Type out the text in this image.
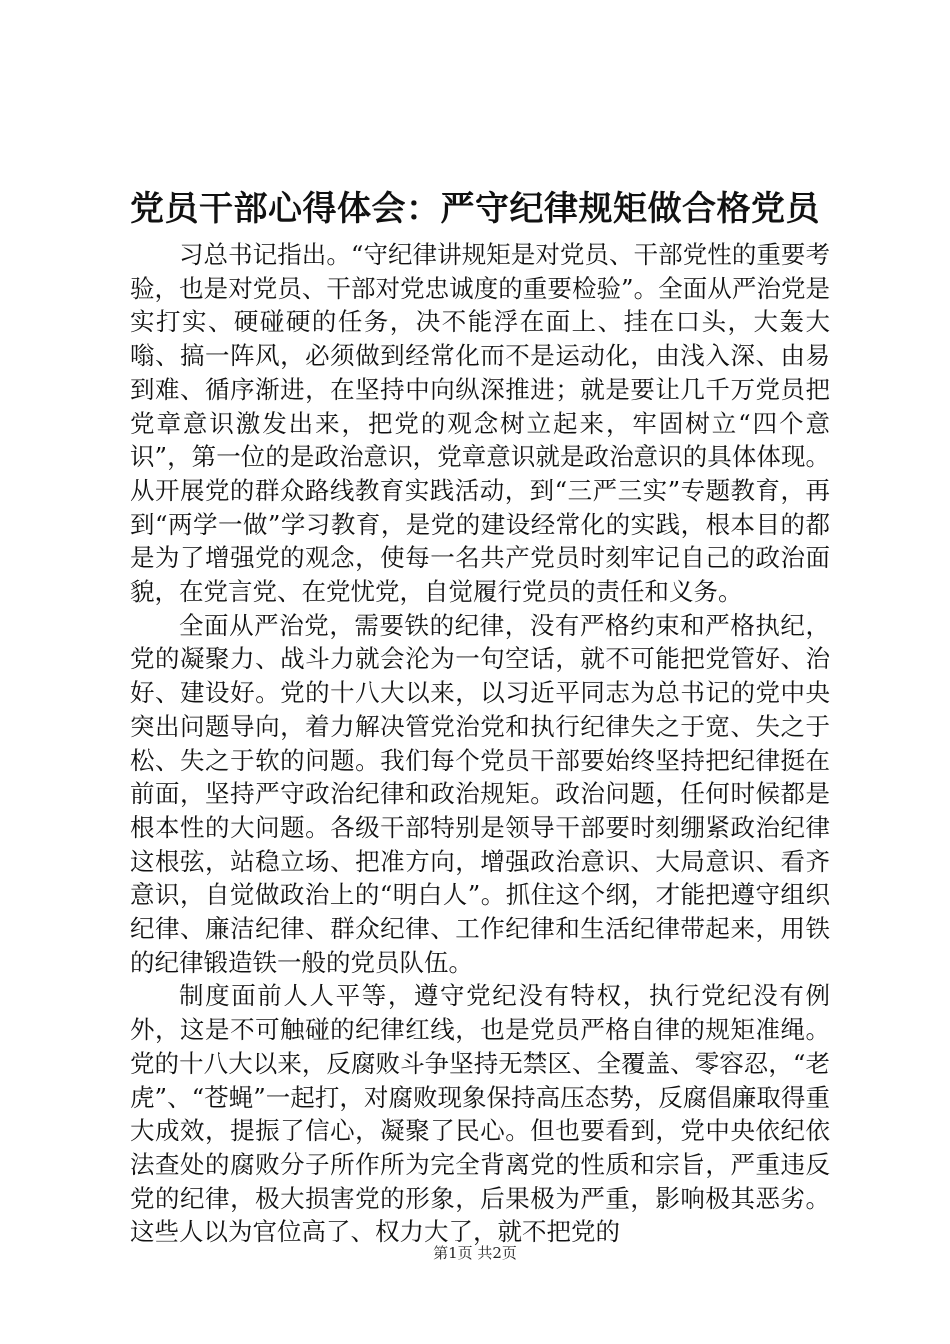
党员干部心得体会：严守纪律规矩做合格党员

习总书记指出。“守纪律讲规矩是对党员、干部党性的重要考验，也是对党员、干部对党忠诚度的重要检验”。全面从严治党是实打实、硬碰硬的任务，决不能浮在面上、挂在口头，大轰大嗡、搞一阵风，必须做到经常化而不是运动化，由浅入深、由易到难、循序渐进，在坚持中向纵深推进；就是要让几千万党员把党章意识激发出来，把党的观念树立起来，牢固树立“四个意识”，第一位的是政治意识，党章意识就是政治意识的具体体现。从开展党的群众路线教育实践活动，到“三严三实”专题教育，再到“两学一做”学习教育，是党的建设经常化的实践，根本目的都是为了增强党的观念，使每一名共产党员时刻牢记自己的政治面貌，在党言党、在党忧党，自觉履行党员的责任和义务。

全面从严治党，需要铁的纪律，没有严格约束和严格执纪，党的凝聚力、战斗力就会沦为一句空话，就不可能把党管好、治好、建设好。党的十八大以来，以习近平同志为总书记的党中央突出问题导向，着力解决管党治党和执行纪律失之于宽、失之于松、失之于软的问题。我们每个党员干部要始终坚持把纪律挺在前面，坚持严守政治纪律和政治规矩。政治问题，任何时候都是根本性的大问题。各级干部特别是领导干部要时刻绷紧政治纪律这根弦，站稳立场、把准方向，增强政治意识、大局意识、看齐意识，自觉做政治上的“明白人”。抓住这个纲，才能把遵守组织纪律、廉洁纪律、群众纪律、工作纪律和生活纪律带起来，用铁的纪律锻造铁一般的党员队伍。

制度面前人人平等，遵守党纪没有特权，执行党纪没有例外，这是不可触碰的纪律红线，也是党员严格自律的规矩准绳。党的十八大以来，反腐败斗争坚持无禁区、全覆盖、零容忍，“老虎”、“苍蝇”一起打，对腐败现象保持高压态势，反腐倡廉取得重大成效，提振了信心，凝聚了民心。但也要看到，党中央依纪依法查处的腐败分子所作所为完全背离党的性质和宗旨，严重违反党的纪律，极大损害党的形象，后果极为严重，影响极其恶劣。这些人以为官位高了、权力大了，就不把党的

第1页 共2页
